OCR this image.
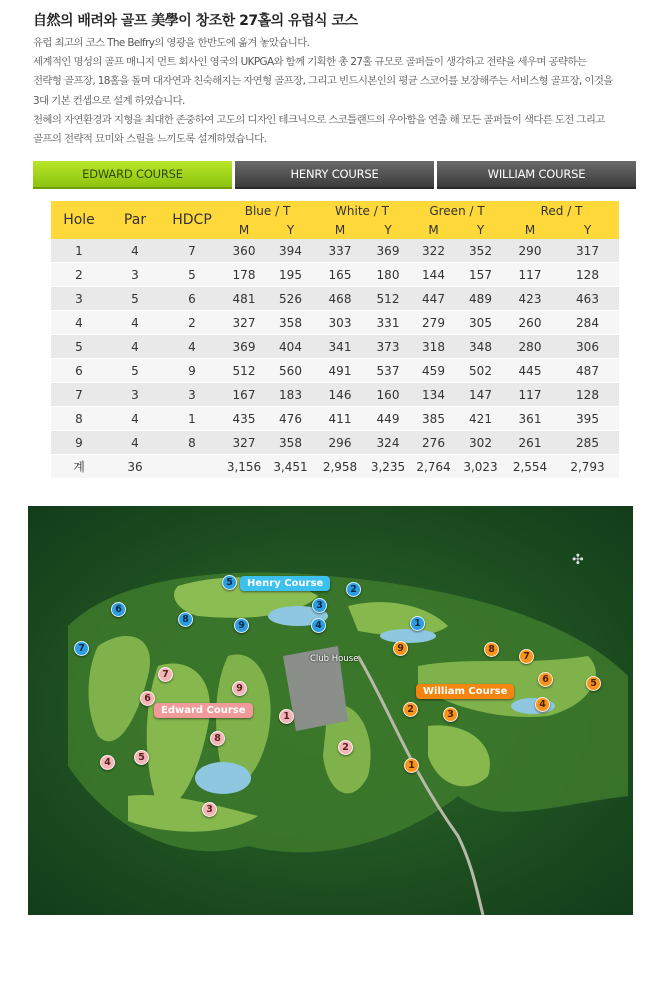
自然의 배려와 골프 美學이 창조한 27홀의 유럽식 코스

유럽 최고의 코스 The Belfry의 영광을 한반도에 옮겨 놓았습니다.

세계적인 명성의 골프 매니지 먼트 회사인 영국의 UKPGA와 함께 기획한 총 27홀 규모로 골퍼들이 생각하고 전략을 세우며 공략하는

전략형 골프장, 18홀을 돌며 대자연과 친숙해지는 자연형 골프장, 그리고 빈드시본인의 평균 스코어를 보장해주는 서비스형 골프장, 이것을

3대 기본 컨셉으로 설계 하였습니다.

천혜의 자연환경과 지형을 최대한 존중하여 고도의 디자인 테크닉으로 스코틀랜드의 우아함을 연출 해 모든 골퍼들이 색다른 도전 그리고

골프의 전략적 묘미와 스릴을 느끼도록 설계하였습니다.

EDWARD COURSE	HENRY COURSE	WILLIAM COURSE
Hole	Par	HDCP	Blue / T		White / T		Green / T		Red / T	
			M	Y	M	Y	M	Y	M	Y
1	4	7	360	394	337	369	322	352	290	317
2	3	5	178	195	165	180	144	157	117	128
3	5	6	481	526	468	512	447	489	423	463
4	4	2	327	358	303	331	279	305	260	284
5	4	4	369	404	341	373	318	348	280	306
6	5	9	512	560	491	537	459	502	445	487
7	3	3	167	183	146	160	134	147	117	128
8	4	1	435	476	411	449	385	421	361	395
9	4	8	327	358	296	324	276	302	261	285
계	36		3,156	3,451	2,958	3,235	2,764	3,023	2,554	2,793
Club House
✣
Henry Course
William Course
Edward Course
5
2
3
4
6
8
9
7
1
9	8
7
6	5
4
2	3
1
7
9
6
8
1
2
4	5
3
